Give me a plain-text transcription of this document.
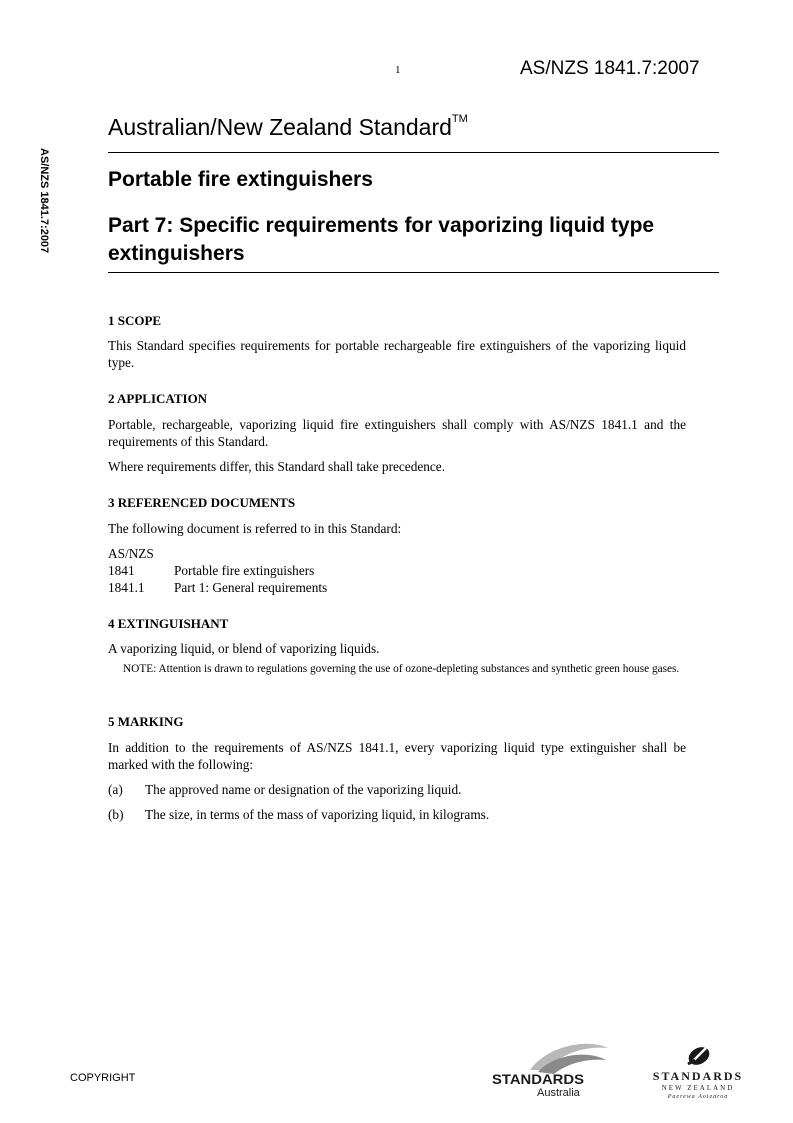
1	AS/NZS 1841.7:2007
AS/NZS 1841.7:2007
Australian/New Zealand Standard™
Portable fire extinguishers
Part 7: Specific requirements for vaporizing liquid type extinguishers
1 SCOPE
This Standard specifies requirements for portable rechargeable fire extinguishers of the vaporizing liquid type.
2 APPLICATION
Portable, rechargeable, vaporizing liquid fire extinguishers shall comply with AS/NZS 1841.1 and the requirements of this Standard.
Where requirements differ, this Standard shall take precedence.
3 REFERENCED DOCUMENTS
The following document is referred to in this Standard:
AS/NZS
1841	Portable fire extinguishers
1841.1	Part 1: General requirements
4 EXTINGUISHANT
A vaporizing liquid, or blend of vaporizing liquids.
NOTE: Attention is drawn to regulations governing the use of ozone-depleting substances and synthetic green house gases.
5 MARKING
In addition to the requirements of AS/NZS 1841.1, every vaporizing liquid type extinguisher shall be marked with the following:
(a) The approved name or designation of the vaporizing liquid.
(b) The size, in terms of the mass of vaporizing liquid, in kilograms.
COPYRIGHT	STANDARDS
Australia
STANDARDS
NEW ZEALAND
Paerewa Aotearoa
